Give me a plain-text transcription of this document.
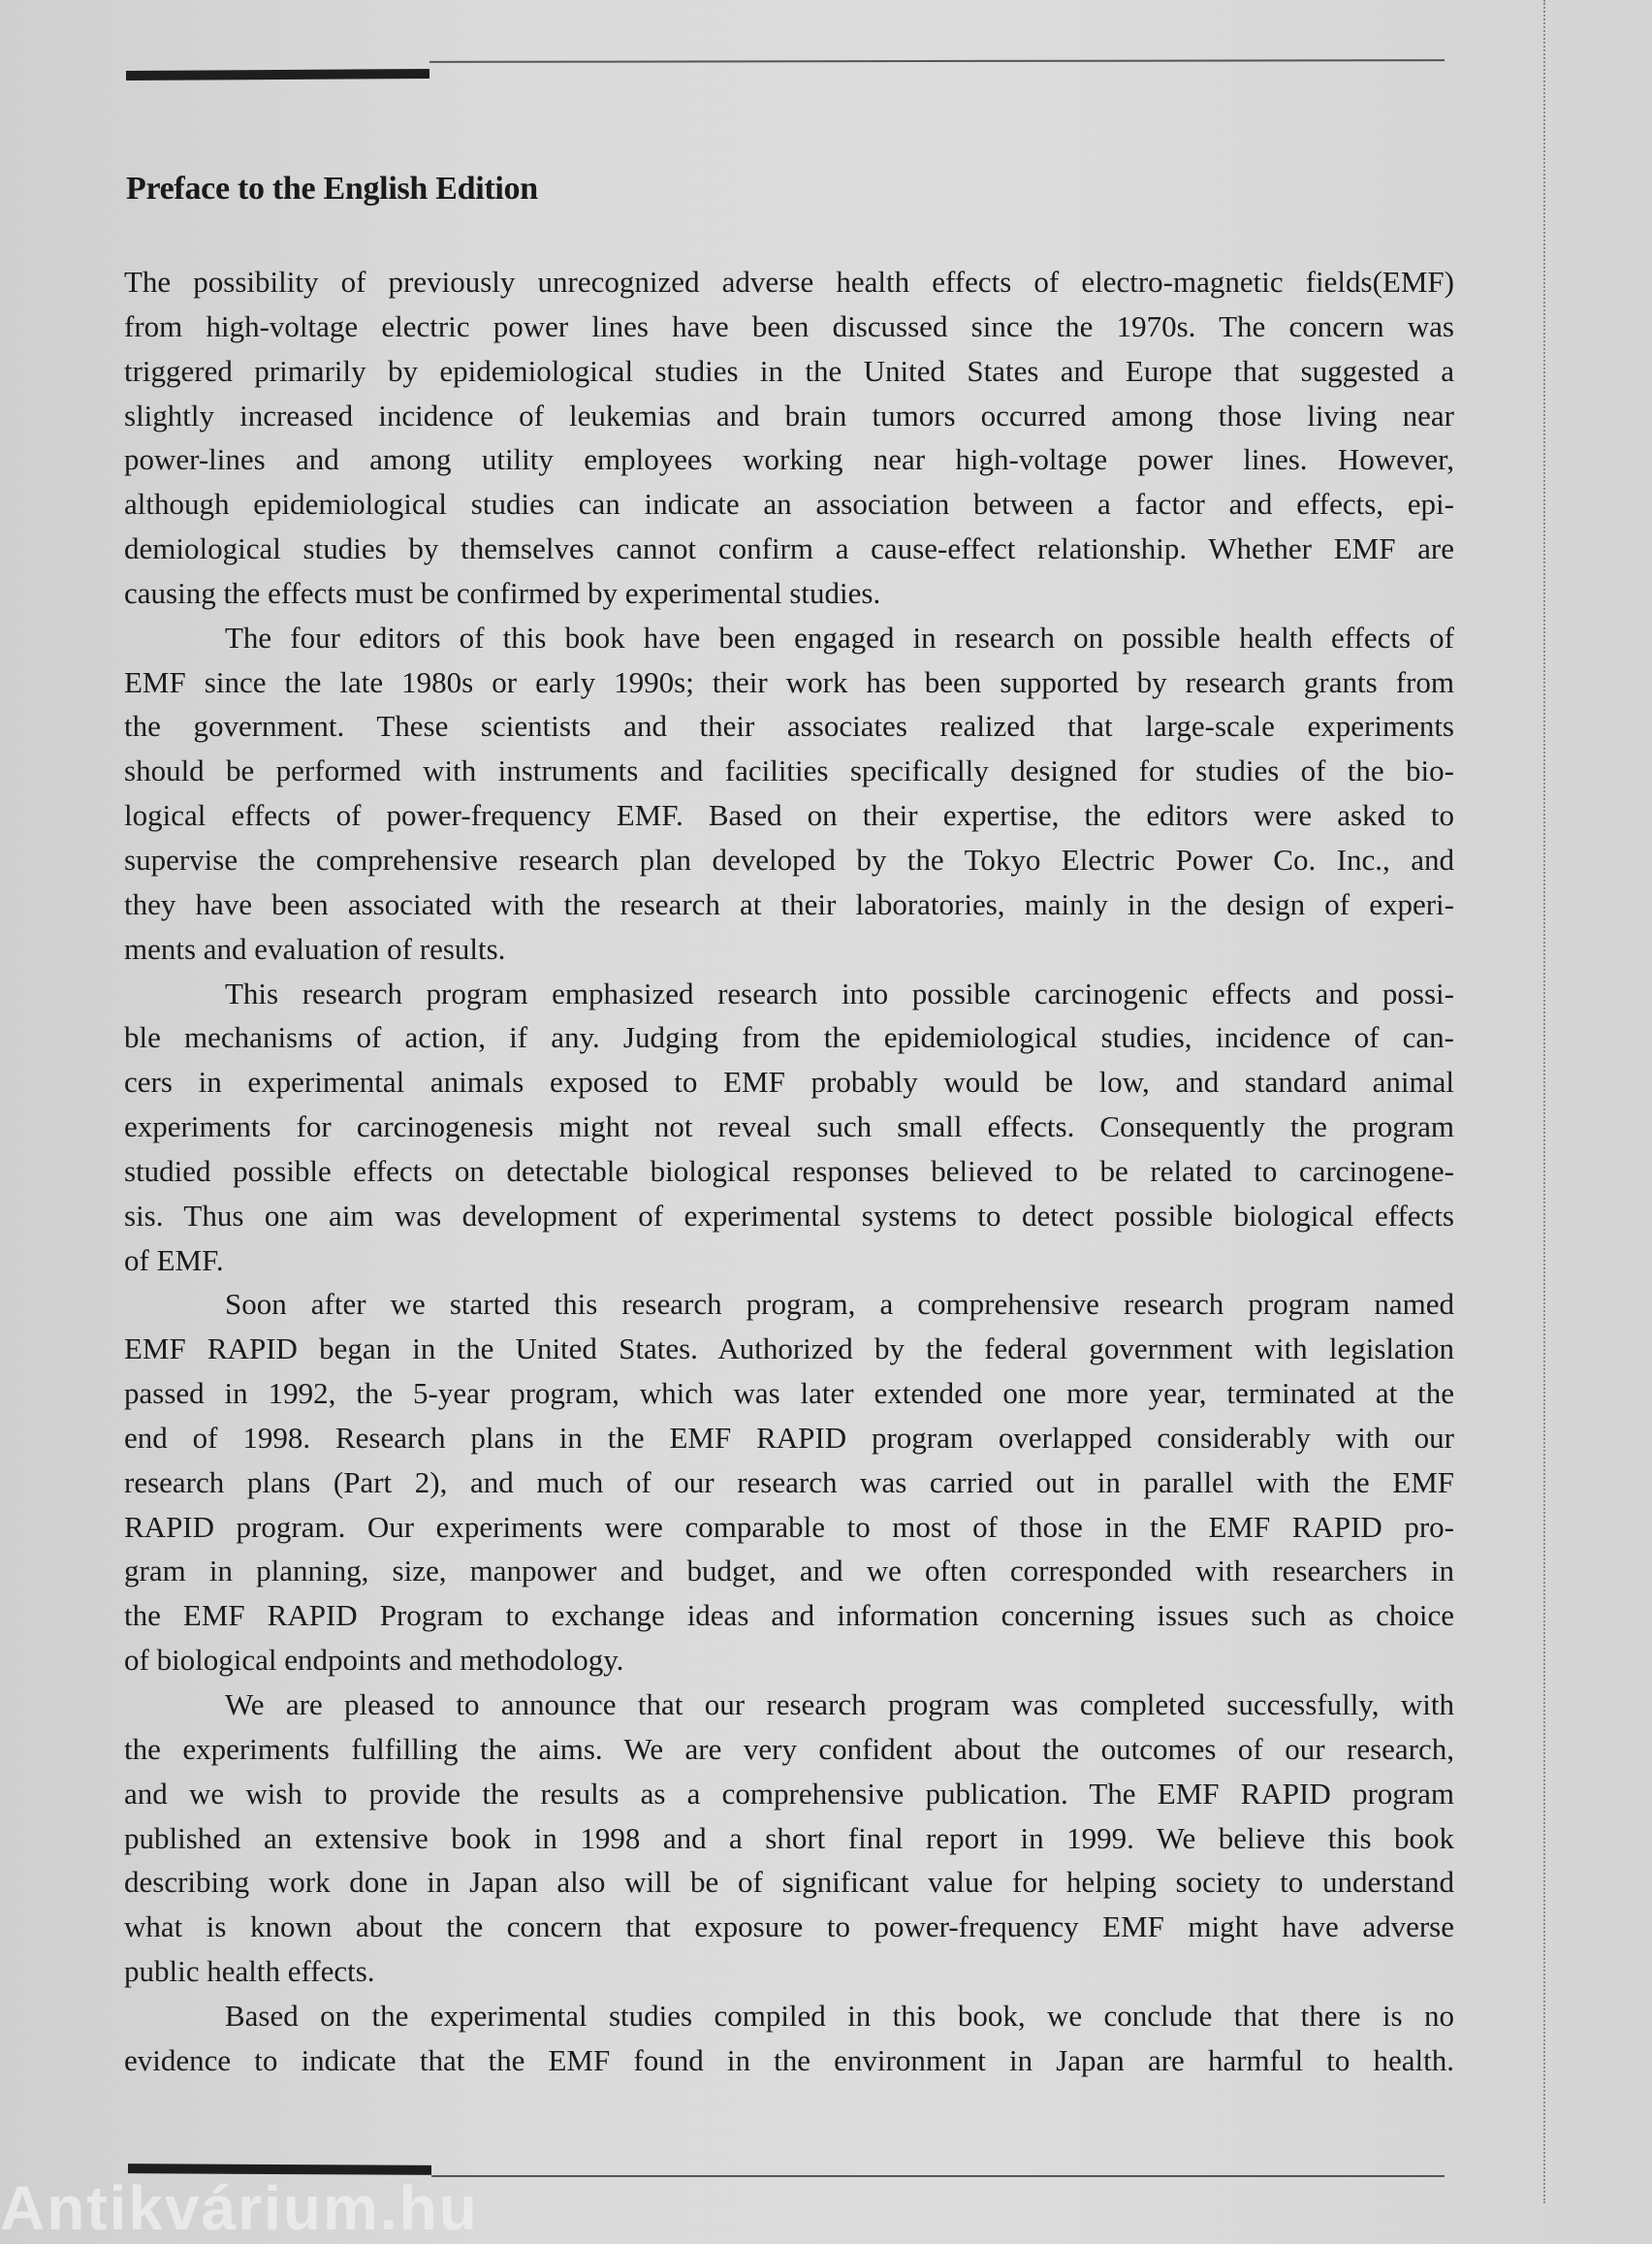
Preface to the English Edition
The possibility of previously unrecognized adverse health effects of electro-magnetic fields(EMF)
from high-voltage electric power lines have been discussed since the 1970s. The concern was
triggered primarily by epidemiological studies in the United States and Europe that suggested a
slightly increased incidence of leukemias and brain tumors occurred among those living near
power-lines and among utility employees working near high-voltage power lines. However,
although epidemiological studies can indicate an association between a factor and effects, epi-
demiological studies by themselves cannot confirm a cause-effect relationship. Whether EMF are
causing the effects must be confirmed by experimental studies.
The four editors of this book have been engaged in research on possible health effects of
EMF since the late 1980s or early 1990s; their work has been supported by research grants from
the government. These scientists and their associates realized that large-scale experiments
should be performed with instruments and facilities specifically designed for studies of the bio-
logical effects of power-frequency EMF. Based on their expertise, the editors were asked to
supervise the comprehensive research plan developed by the Tokyo Electric Power Co. Inc., and
they have been associated with the research at their laboratories, mainly in the design of experi-
ments and evaluation of results.
This research program emphasized research into possible carcinogenic effects and possi-
ble mechanisms of action, if any. Judging from the epidemiological studies, incidence of can-
cers in experimental animals exposed to EMF probably would be low, and standard animal
experiments for carcinogenesis might not reveal such small effects. Consequently the program
studied possible effects on detectable biological responses believed to be related to carcinogene-
sis. Thus one aim was development of experimental systems to detect possible biological effects
of EMF.
Soon after we started this research program, a comprehensive research program named
EMF RAPID began in the United States. Authorized by the federal government with legislation
passed in 1992, the 5-year program, which was later extended one more year, terminated at the
end of 1998. Research plans in the EMF RAPID program overlapped considerably with our
research plans (Part 2), and much of our research was carried out in parallel with the EMF
RAPID program. Our experiments were comparable to most of those in the EMF RAPID pro-
gram in planning, size, manpower and budget, and we often corresponded with researchers in
the EMF RAPID Program to exchange ideas and information concerning issues such as choice
of biological endpoints and methodology.
We are pleased to announce that our research program was completed successfully, with
the experiments fulfilling the aims. We are very confident about the outcomes of our research,
and we wish to provide the results as a comprehensive publication. The EMF RAPID program
published an extensive book in 1998 and a short final report in 1999. We believe this book
describing work done in Japan also will be of significant value for helping society to understand
what is known about the concern that exposure to power-frequency EMF might have adverse
public health effects.
Based on the experimental studies compiled in this book, we conclude that there is no
evidence to indicate that the EMF found in the environment in Japan are harmful to health.
Antikvárium.hu
